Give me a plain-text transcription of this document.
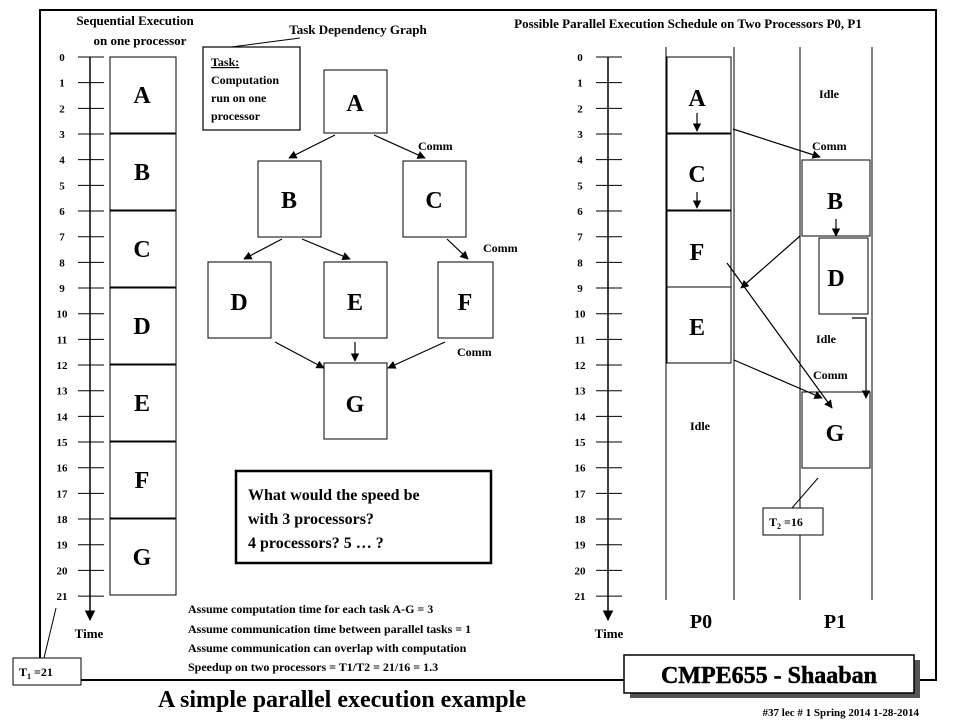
Sequential Execution
on one processor
Task Dependency Graph	Possible Parallel Execution Schedule on Two Processors P0, P1
0
1
2
3
4
5
6
7
8
9
10
11
12
13
14
15
16
17
18
19
20
21
Time
A
B
C
D
E
F
G
0
1
2
3
4
5
6
7
8
9
10
11
12
13
14
15
16
17
18
19
20
21
Time
Task:
Computation
run on one
processor	A
B	C
D	E	F
G
Comm
Comm
Comm
What would the speed be
with 3 processors?
4 processors? 5 … ?
Assume computation time for each task A-G = 3
Assume communication time between parallel tasks = 1
Assume communication can overlap with computation
Speedup on two processors = T1/T2 = 21/16 = 1.3
A
C
F
E
B
D
G
Idle
Comm
Idle
Comm
Idle
$T_2 =16$
P0	P1
$T_1 =21$	CMPE655 - Shaaban
A simple parallel execution example	#37 lec # 1 Spring 2014 1-28-2014
